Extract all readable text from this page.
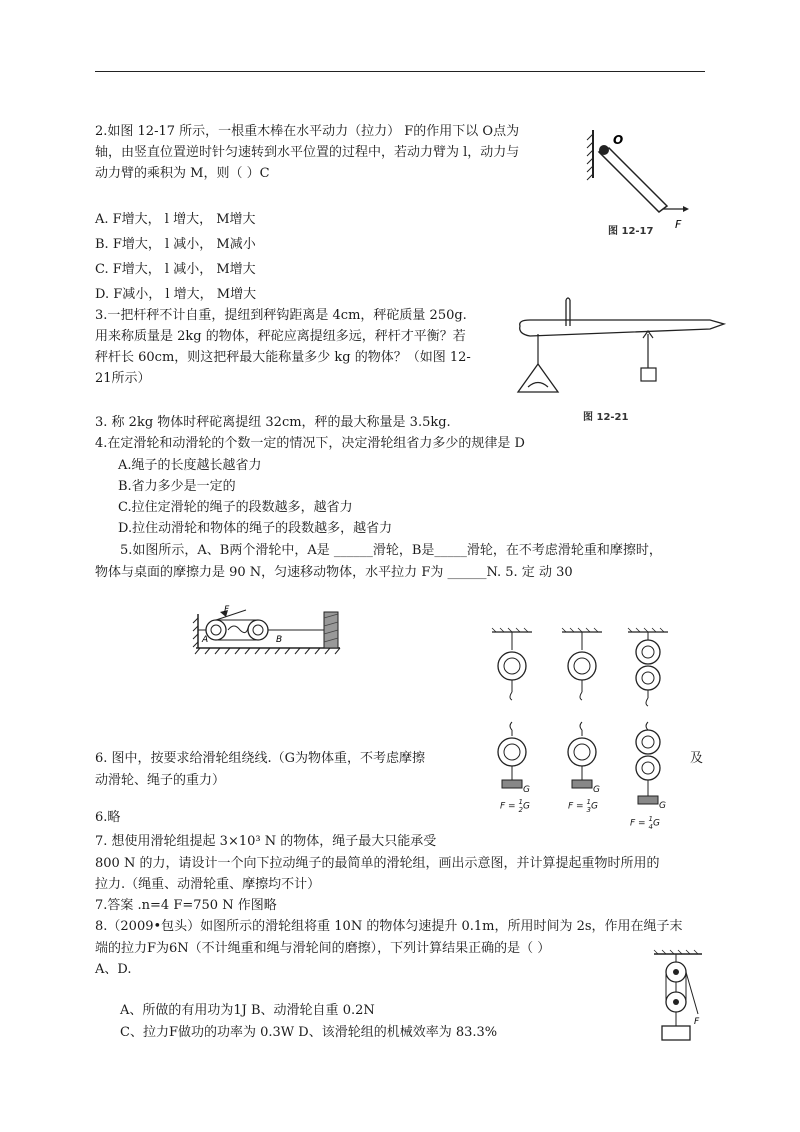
2.如图 12-17 所示，一根重木棒在水平动力（拉力） F的作用下以 O点为
轴，由竖直位置逆时针匀速转到水平位置的过程中，若动力臂为 l，动力与
动力臂的乘积为 M，则（ ）C
A. F增大， l 增大， M增大
B. F增大， l 减小， M减小
C. F增大， l 减小， M增大
D. F减小， l 增大， M增大
O
F
图 12-17
3.一把杆秤不计自重，提纽到秤钩距离是 4cm，秤砣质量 250g.
用来称质量是 2kg 的物体，秤砣应离提纽多远，秤杆才平衡？若
秤杆长 60cm，则这把秤最大能称量多少 kg 的物体？（如图 12-
21所示）
图 12-21
3. 称 2kg 物体时秤砣离提纽 32cm，秤的最大称量是 3.5kg.
4.在定滑轮和动滑轮的个数一定的情况下，决定滑轮组省力多少的规律是 D
A.绳子的长度越长越省力
B.省力多少是一定的
C.拉住定滑轮的绳子的段数越多，越省力
D.拉住动滑轮和物体的绳子的段数越多，越省力
5.如图所示，A、B两个滑轮中，A是 ______滑轮，B是_____滑轮，在不考虑滑轮重和摩擦时，
物体与桌面的摩擦力是 90 N，匀速移动物体，水平拉力 F为 ______N. 5. 定 动 30
F
A	B
6. 图中，按要求给滑轮组绕线.（G为物体重，不考虑摩擦	及
动滑轮、绳子的重力）
6.略
G	G
G
F = 1
2G	F = 1
3G
F = 1
4G
7. 想使用滑轮组提起 3×10³ N 的物体，绳子最大只能承受
800 N 的力，请设计一个向下拉动绳子的最简单的滑轮组，画出示意图，并计算提起重物时所用的
拉力.（绳重、动滑轮重、摩擦均不计）
7.答案 .n=4 F=750 N 作图略
8.（2009•包头）如图所示的滑轮组将重 10N 的物体匀速提升 0.1m，所用时间为 2s，作用在绳子末
端的拉力F为6N（不计绳重和绳与滑轮间的磨擦），下列计算结果正确的是（ ）
A、D.
A、所做的有用功为1J B、动滑轮自重 0.2N
C、拉力F做功的功率为 0.3W D、该滑轮组的机械效率为 83.3%
F
